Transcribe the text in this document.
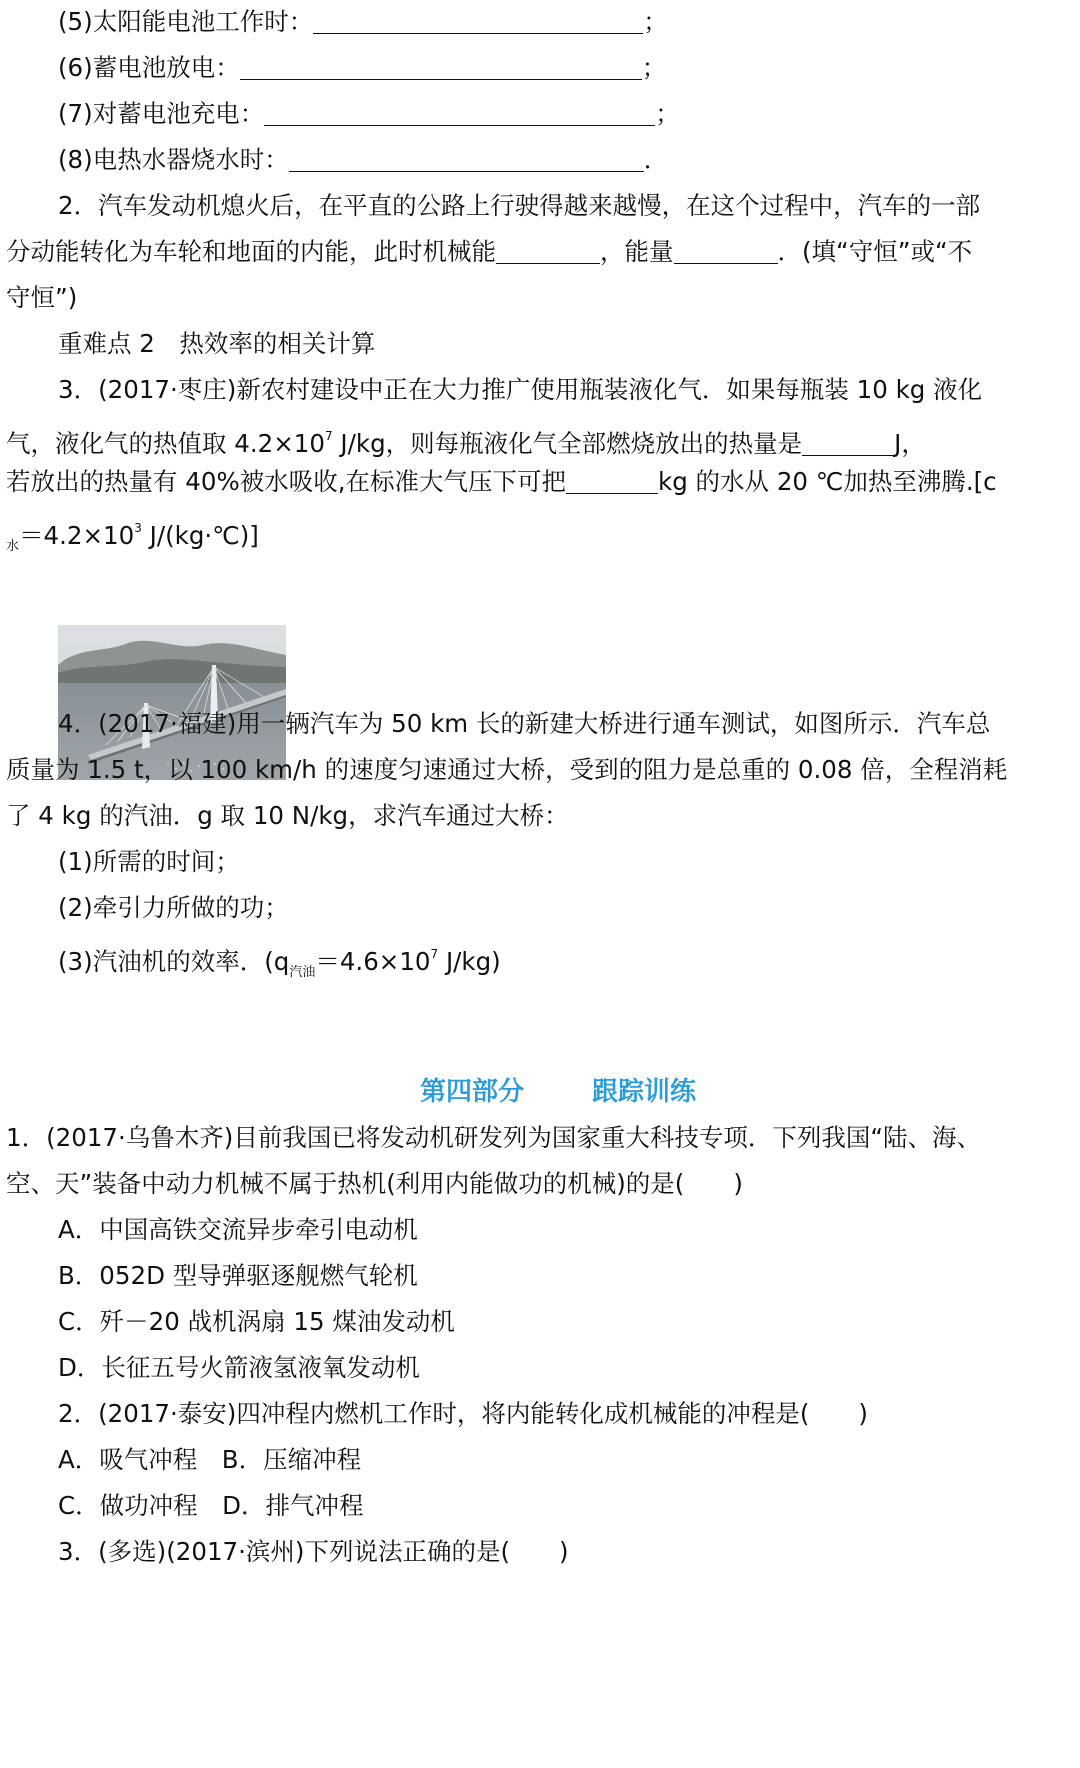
(5)太阳能电池工作时：	；
(6)蓄电池放电：	；
(7)对蓄电池充电：	；
(8)电热水器烧水时：	．
2．汽车发动机熄火后，在平直的公路上行驶得越来越慢，在这个过程中，汽车的一部
分动能转化为车轮和地面的内能，此时机械能	，能量	．(填“守恒”或“不
守恒”)
重难点 2　热效率的相关计算
3．(2017·枣庄)新农村建设中正在大力推广使用瓶装液化气．如果每瓶装 10 kg 液化
气，液化气的热值取 $4.2\times 10^7$ J/kg，则每瓶液化气全部燃烧放出的热量是	J，
若放出的热量有 40%被水吸收,在标准大气压下可把	kg 的水从 20 ℃加热至沸腾.[c
$_水=4.2\times 10^3$ J/(kg·℃)]
4．(2017·福建)用一辆汽车为 50 km 长的新建大桥进行通车测试，如图所示．汽车总
质量为 1.5 t，以 100 km/h 的速度匀速通过大桥，受到的阻力是总重的 0.08 倍，全程消耗
了 4 kg 的汽油．g 取 10 N/kg，求汽车通过大桥：
(1)所需的时间；
(2)牵引力所做的功；
(3)汽油机的效率．($q_{汽油}=4.6\times 10^7$ J/kg)
第四部分	跟踪训练
1．(2017·乌鲁木齐)目前我国已将发动机研发列为国家重大科技专项．下列我国“陆、海、
空、天”装备中动力机械不属于热机(利用内能做功的机械)的是(　　)
A．中国高铁交流异步牵引电动机
B．052D 型导弹驱逐舰燃气轮机
C．歼－20 战机涡扇 15 煤油发动机
D．长征五号火箭液氢液氧发动机
2．(2017·泰安)四冲程内燃机工作时，将内能转化成机械能的冲程是(　　)
A．吸气冲程　B．压缩冲程
C．做功冲程　D．排气冲程
3．(多选)(2017·滨州)下列说法正确的是(　　)
